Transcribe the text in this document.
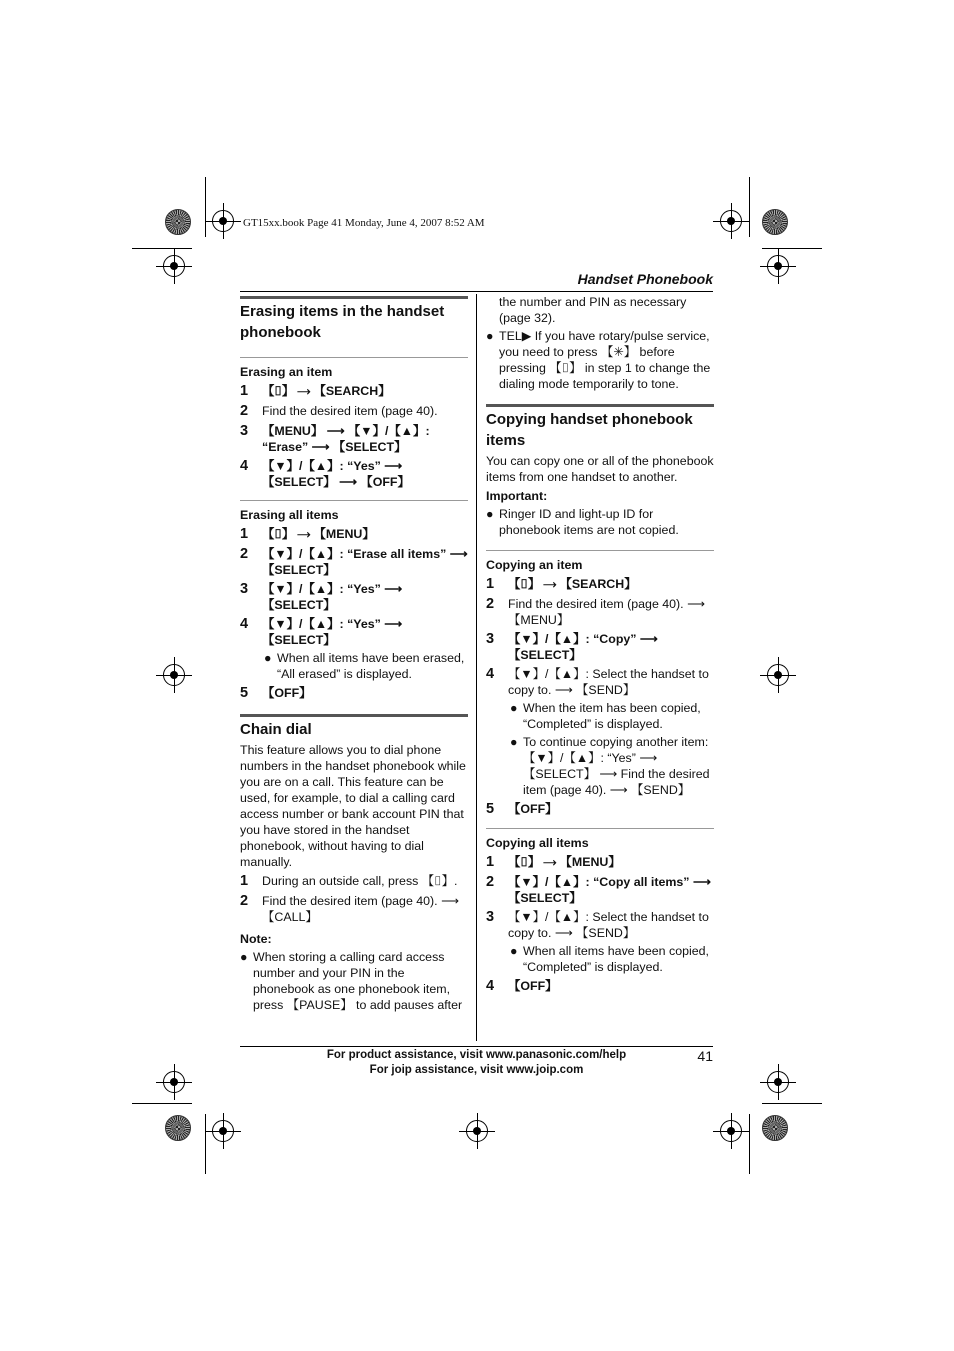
GT15xx.book Page 41 Monday, June 4, 2007 8:52 AM
Handset Phonebook
Erasing items in the handset phonebook
Erasing an item
1	【⌷】 ⟶ 【SEARCH】
2	Find the desired item (page 40).
3	【MENU】 ⟶ 【▼】/【▲】: “Erase” ⟶ 【SELECT】
4	【▼】/【▲】: “Yes” ⟶ 【SELECT】 ⟶ 【OFF】
Erasing all items
1	【⌷】 ⟶ 【MENU】
2	【▼】/【▲】: “Erase all items” ⟶ 【SELECT】
3	【▼】/【▲】: “Yes” ⟶ 【SELECT】
4	【▼】/【▲】: “Yes” ⟶ 【SELECT】
● When all items have been erased, “All erased” is displayed.
5	【OFF】
Chain dial
This feature allows you to dial phone numbers in the handset phonebook while you are on a call. This feature can be used, for example, to dial a calling card access number or bank account PIN that you have stored in the handset phonebook, without having to dial manually.
1	During an outside call, press 【⌷】.
2	Find the desired item (page 40). ⟶ 【CALL】
Note:
● When storing a calling card access number and your PIN in the phonebook as one phonebook item, press 【PAUSE】 to add pauses after
the number and PIN as necessary (page 32).
● TEL▶ If you have rotary/pulse service, you need to press 【✳】 before pressing 【⌷】 in step 1 to change the dialing mode temporarily to tone.
Copying handset phonebook items
You can copy one or all of the phonebook items from one handset to another.
Important:
● Ringer ID and light-up ID for phonebook items are not copied.
Copying an item
1	【⌷】 ⟶ 【SEARCH】
2	Find the desired item (page 40). ⟶ 【MENU】
3	【▼】/【▲】: “Copy” ⟶ 【SELECT】
4	【▼】/【▲】: Select the handset to copy to. ⟶ 【SEND】
● When the item has been copied, “Completed” is displayed.
● To continue copying another item: 【▼】/【▲】: “Yes” ⟶ 【SELECT】 ⟶ Find the desired item (page 40). ⟶ 【SEND】
5	【OFF】
Copying all items
1	【⌷】 ⟶ 【MENU】
2	【▼】/【▲】: “Copy all items” ⟶ 【SELECT】
3	【▼】/【▲】: Select the handset to copy to. ⟶ 【SEND】
● When all items have been copied, “Completed” is displayed.
4	【OFF】
For product assistance, visit www.panasonic.com/help
For joip assistance, visit www.joip.com
41
